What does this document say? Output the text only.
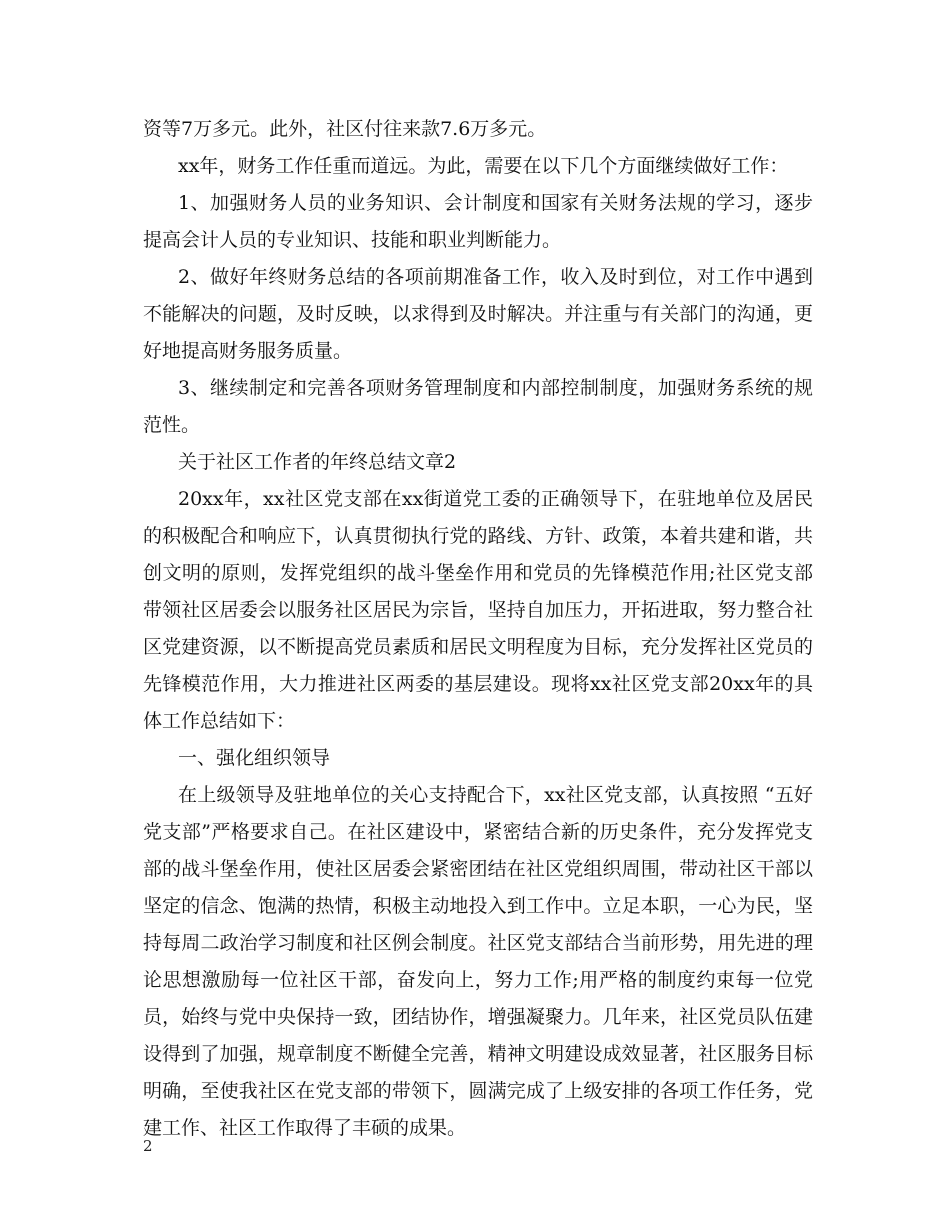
资等7万多元。此外，社区付往来款7.6万多元。

xx年，财务工作任重而道远。为此，需要在以下几个方面继续做好工作：

1、加强财务人员的业务知识、会计制度和国家有关财务法规的学习，逐步提高会计人员的专业知识、技能和职业判断能力。

2、做好年终财务总结的各项前期准备工作，收入及时到位，对工作中遇到不能解决的问题，及时反映，以求得到及时解决。并注重与有关部门的沟通，更好地提高财务服务质量。

3、继续制定和完善各项财务管理制度和内部控制制度，加强财务系统的规范性。

关于社区工作者的年终总结文章2

20xx年，xx社区党支部在xx街道党工委的正确领导下，在驻地单位及居民的积极配合和响应下，认真贯彻执行党的路线、方针、政策，本着共建和谐，共创文明的原则，发挥党组织的战斗堡垒作用和党员的先锋模范作用;社区党支部带领社区居委会以服务社区居民为宗旨，坚持自加压力，开拓进取，努力整合社区党建资源，以不断提高党员素质和居民文明程度为目标，充分发挥社区党员的先锋模范作用，大力推进社区两委的基层建设。现将xx社区党支部20xx年的具体工作总结如下：

一、强化组织领导

在上级领导及驻地单位的关心支持配合下，xx社区党支部，认真按照 “五好党支部”严格要求自己。在社区建设中，紧密结合新的历史条件，充分发挥党支部的战斗堡垒作用，使社区居委会紧密团结在社区党组织周围，带动社区干部以坚定的信念、饱满的热情，积极主动地投入到工作中。立足本职，一心为民，坚持每周二政治学习制度和社区例会制度。社区党支部结合当前形势，用先进的理论思想激励每一位社区干部，奋发向上，努力工作;用严格的制度约束每一位党员，始终与党中央保持一致，团结协作，增强凝聚力。几年来，社区党员队伍建设得到了加强，规章制度不断健全完善，精神文明建设成效显著，社区服务目标明确，至使我社区在党支部的带领下，圆满完成了上级安排的各项工作任务，党建工作、社区工作取得了丰硕的成果。

2
